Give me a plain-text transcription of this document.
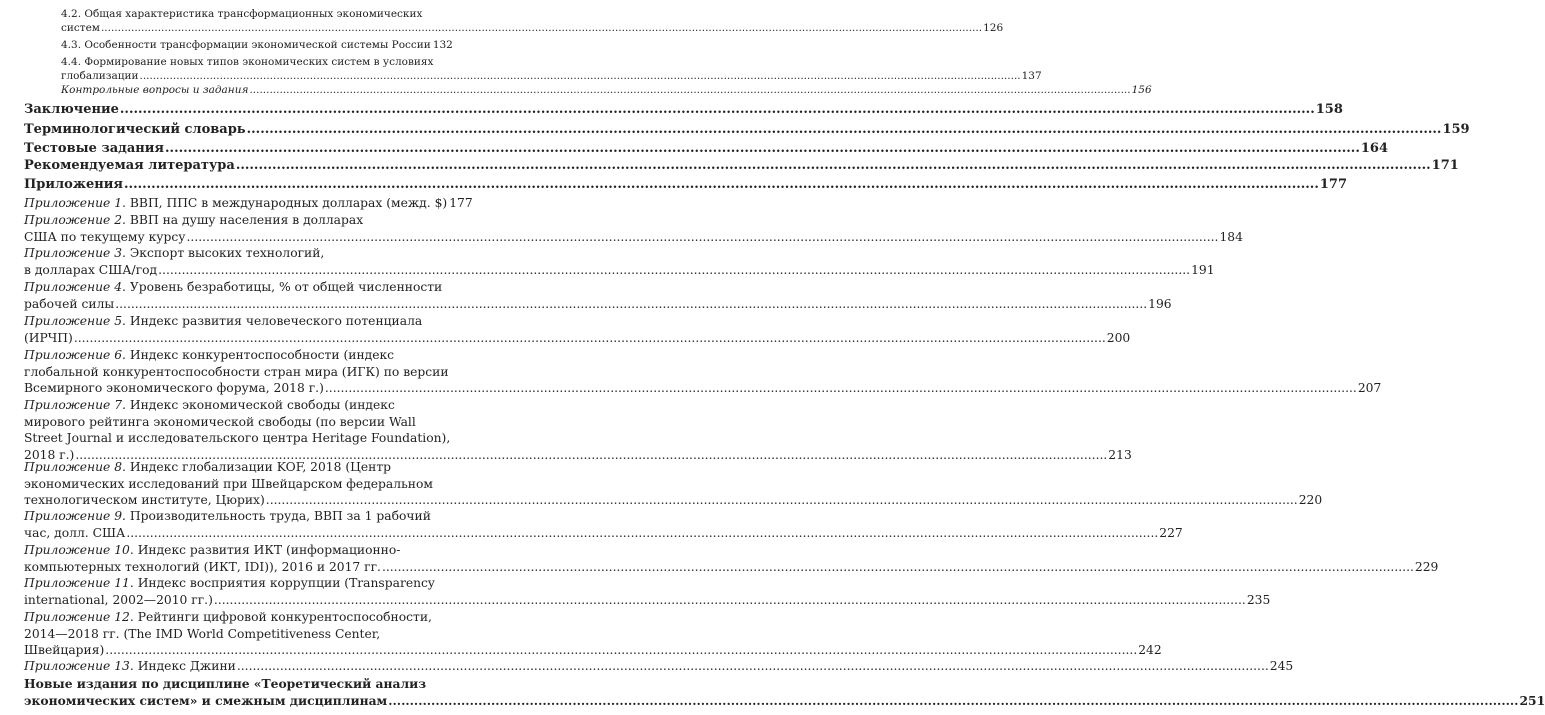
4.2. Общая характеристика трансформационных экономических
систем .....	126
4.3. Особенности трансформации экономической системы России 132
4.4. Формирование новых типов экономических систем в условиях
глобализации .....	137
Контрольные вопросы и задания .....	156
Заключение .....	158
Терминологический словарь .....	159
Тестовые задания .....	164
Рекомендуемая литература .....	171
Приложения .....	177
Приложение 1. ВВП, ППС в международных долларах (межд. $) 177
Приложение 2. ВВП на душу населения в долларах
США по текущему курсу .....	184
Приложение 3. Экспорт высоких технологий,
в долларах США/год .....	191
Приложение 4. Уровень безработицы, % от общей численности
рабочей силы .....	196
Приложение 5. Индекс развития человеческого потенциала
(ИРЧП) .....	200
Приложение 6. Индекс конкурентоспособности (индекс
глобальной конкурентоспособности стран мира (ИГК) по версии
Всемирного экономического форума, 2018 г.) .....	207
Приложение 7. Индекс экономической свободы (индекс
мирового рейтинга экономической свободы (по версии Wall
Street Journal и исследовательского центра Heritage Foundation),
2018 г.) .....	213
Приложение 8. Индекс глобализации KOF, 2018 (Центр
экономических исследований при Швейцарском федеральном
технологическом институте, Цюрих) .....	220
Приложение 9. Производительность труда, ВВП за 1 рабочий
час, долл. США .....	227
Приложение 10. Индекс развития ИКТ (информационно-
компьютерных технологий (ИКТ, IDI)), 2016 и 2017 гг. .....	229
Приложение 11. Индекс восприятия коррупции (Transparency
international, 2002—2010 гг.) .....	235
Приложение 12. Рейтинги цифровой конкурентоспособности,
2014—2018 гг. (The IMD World Competitiveness Center,
Швейцария) .....	242
Приложение 13. Индекс Джини .....	245
Новые издания по дисциплине «Теоретический анализ
экономических систем» и смежным дисциплинам .....	251
